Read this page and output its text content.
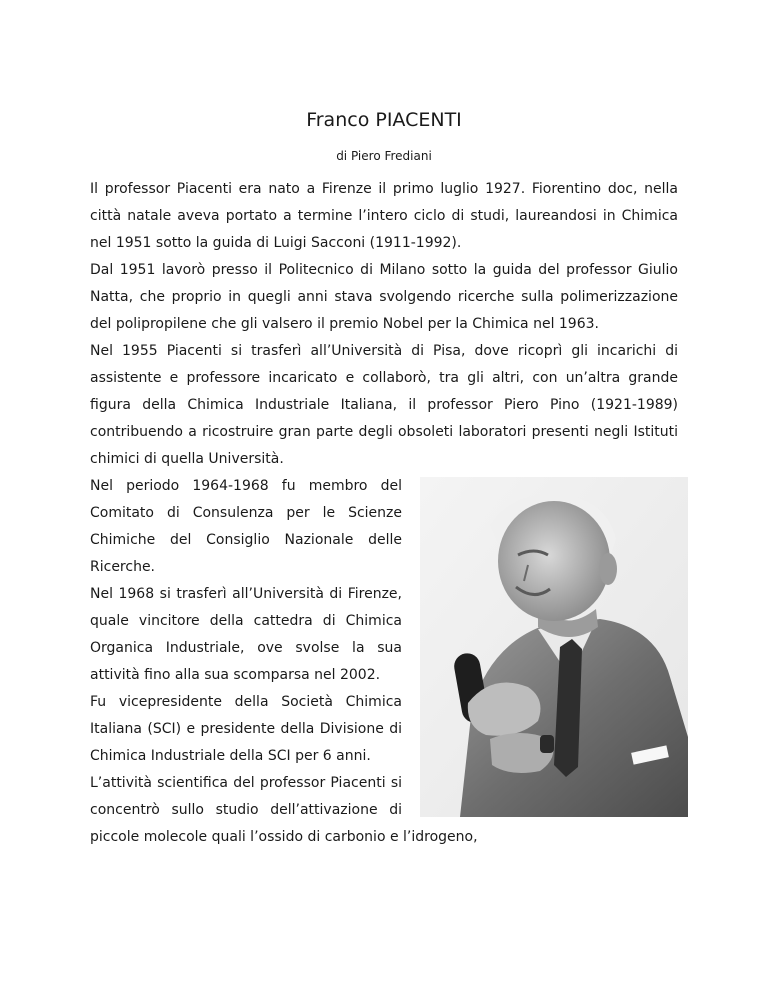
Franco PIACENTI
di Piero Frediani

Il professor Piacenti era nato a Firenze il primo luglio 1927. Fiorentino doc, nella città natale aveva portato a termine l’intero ciclo di studi, laureandosi in Chimica nel 1951 sotto la guida di Luigi Sacconi (1911-1992).

Dal 1951 lavorò presso il Politecnico di Milano sotto la guida del professor Giulio Natta, che proprio in quegli anni stava svolgendo ricerche sulla polimerizzazione del polipropilene che gli valsero il premio Nobel per la Chimica nel 1963.

Nel 1955 Piacenti si trasferì all’Università di Pisa, dove ricoprì gli incarichi di assistente e professore incaricato e collaborò, tra gli altri, con un’altra grande figura della Chimica Industriale Italiana, il professor Piero Pino (1921-1989) contribuendo a ricostruire gran parte degli obsoleti laboratori presenti negli Istituti chimici di quella Università.

Nel periodo 1964-1968 fu membro del Comitato di Consulenza per le Scienze Chimiche del Consiglio Nazionale delle Ricerche.

Nel 1968 si trasferì all’Università di Firenze, quale vincitore della cattedra di Chimica Organica Industriale, ove svolse la sua attività fino alla sua scomparsa nel 2002.

Fu vicepresidente della Società Chimica Italiana (SCI) e presidente della Divisione di Chimica Industriale della SCI per 6 anni.

L’attività scientifica del professor Piacenti si concentrò sullo studio dell’attivazione di piccole molecole quali l’ossido di carbonio e l’idrogeno,
